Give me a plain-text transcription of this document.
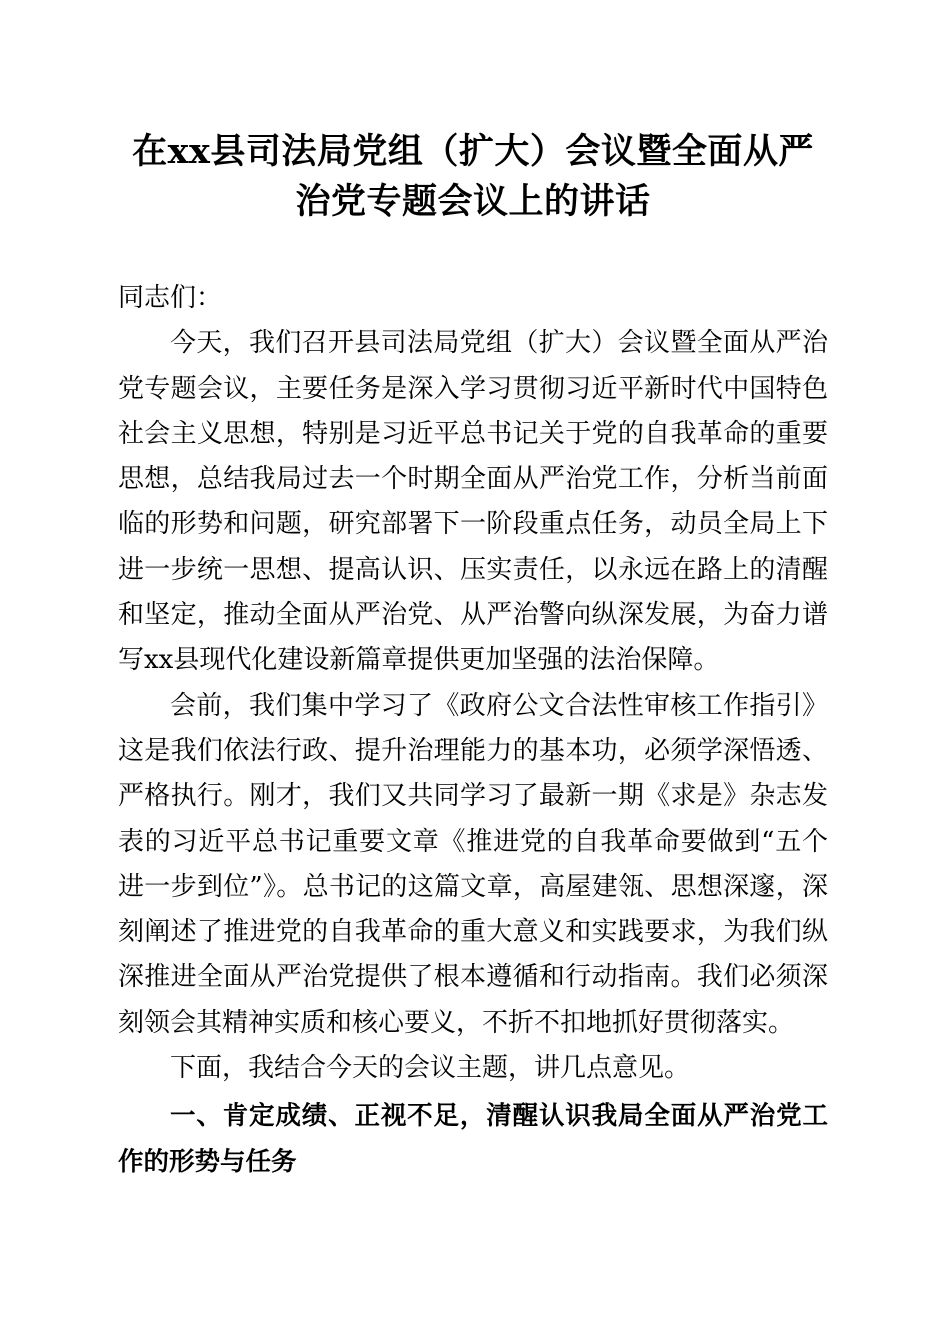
在xx县司法局党组（扩大）会议暨全面从严
治党专题会议上的讲话

同志们：

今天，我们召开县司法局党组（扩大）会议暨全面从严治党专题会议，主要任务是深入学习贯彻习近平新时代中国特色社会主义思想，特别是习近平总书记关于党的自我革命的重要思想，总结我局过去一个时期全面从严治党工作，分析当前面临的形势和问题，研究部署下一阶段重点任务，动员全局上下进一步统一思想、提高认识、压实责任，以永远在路上的清醒和坚定，推动全面从严治党、从严治警向纵深发展，为奋力谱写xx县现代化建设新篇章提供更加坚强的法治保障。

会前，我们集中学习了《政府公文合法性审核工作指引》这是我们依法行政、提升治理能力的基本功，必须学深悟透、严格执行。刚才，我们又共同学习了最新一期《求是》杂志发表的习近平总书记重要文章《推进党的自我革命要做到“五个进一步到位”》。总书记的这篇文章，高屋建瓴、思想深邃，深刻阐述了推进党的自我革命的重大意义和实践要求，为我们纵深推进全面从严治党提供了根本遵循和行动指南。我们必须深刻领会其精神实质和核心要义，不折不扣地抓好贯彻落实。

下面，我结合今天的会议主题，讲几点意见。

一、肯定成绩、正视不足，清醒认识我局全面从严治党工作的形势与任务
